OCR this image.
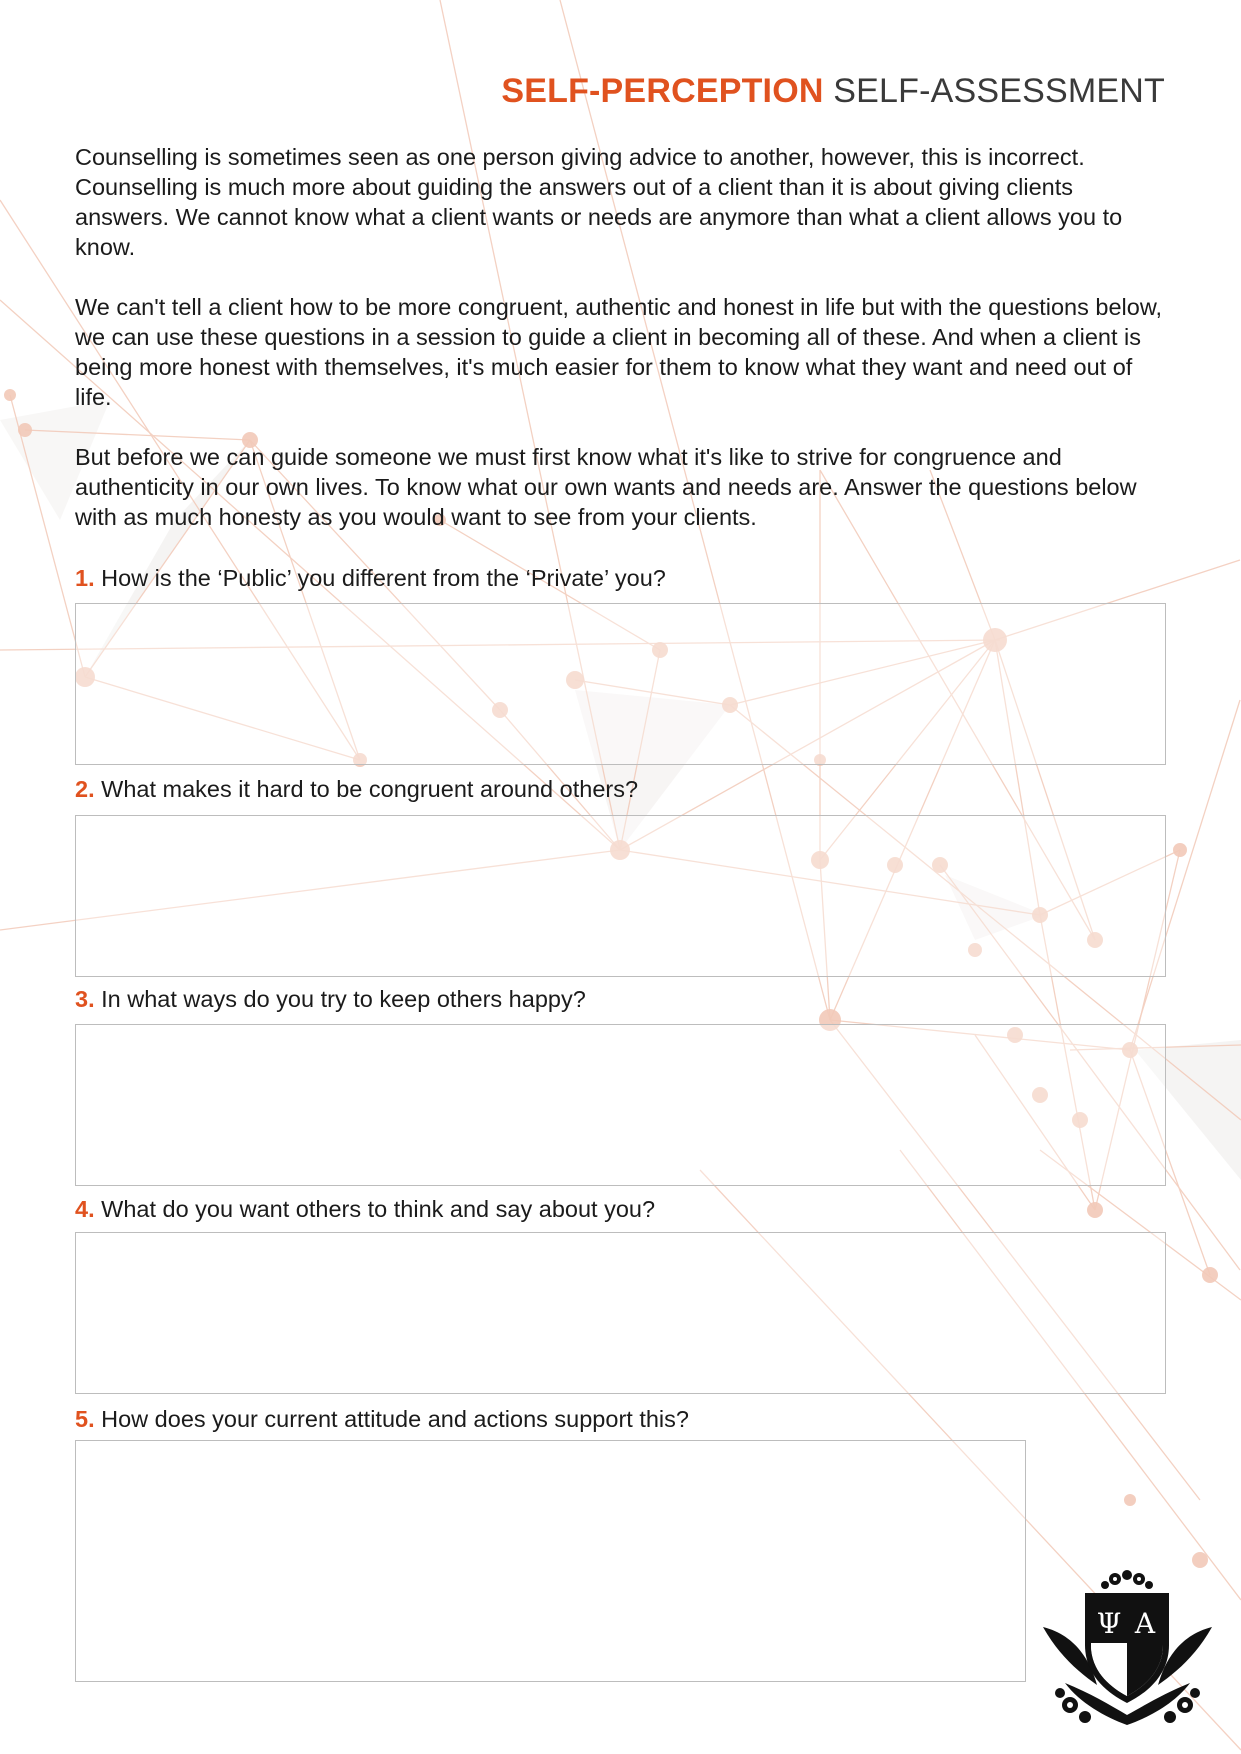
SELF-PERCEPTION SELF-ASSESSMENT

Counselling is sometimes seen as one person giving advice to another, however, this is incorrect. Counselling is much more about guiding the answers out of a client than it is about giving clients answers. We cannot know what a client wants or needs are anymore than what a client allows you to know.

We can't tell a client how to be more congruent, authentic and honest in life but with the questions below, we can use these questions in a session to guide a client in becoming all of these. And when a client is being more honest with themselves, it's much easier for them to know what they want and need out of life.

But before we can guide someone we must first know what it's like to strive for congruence and authenticity in our own lives. To know what our own wants and needs are. Answer the questions below with as much honesty as you would want to see from your clients.

1. How is the ‘Public’ you different from the ‘Private’ you?
2. What makes it hard to be congruent around others?
3. In what ways do you try to keep others happy?
4. What do you want others to think and say about you?
5. How does your current attitude and actions support this?
Ψ A
